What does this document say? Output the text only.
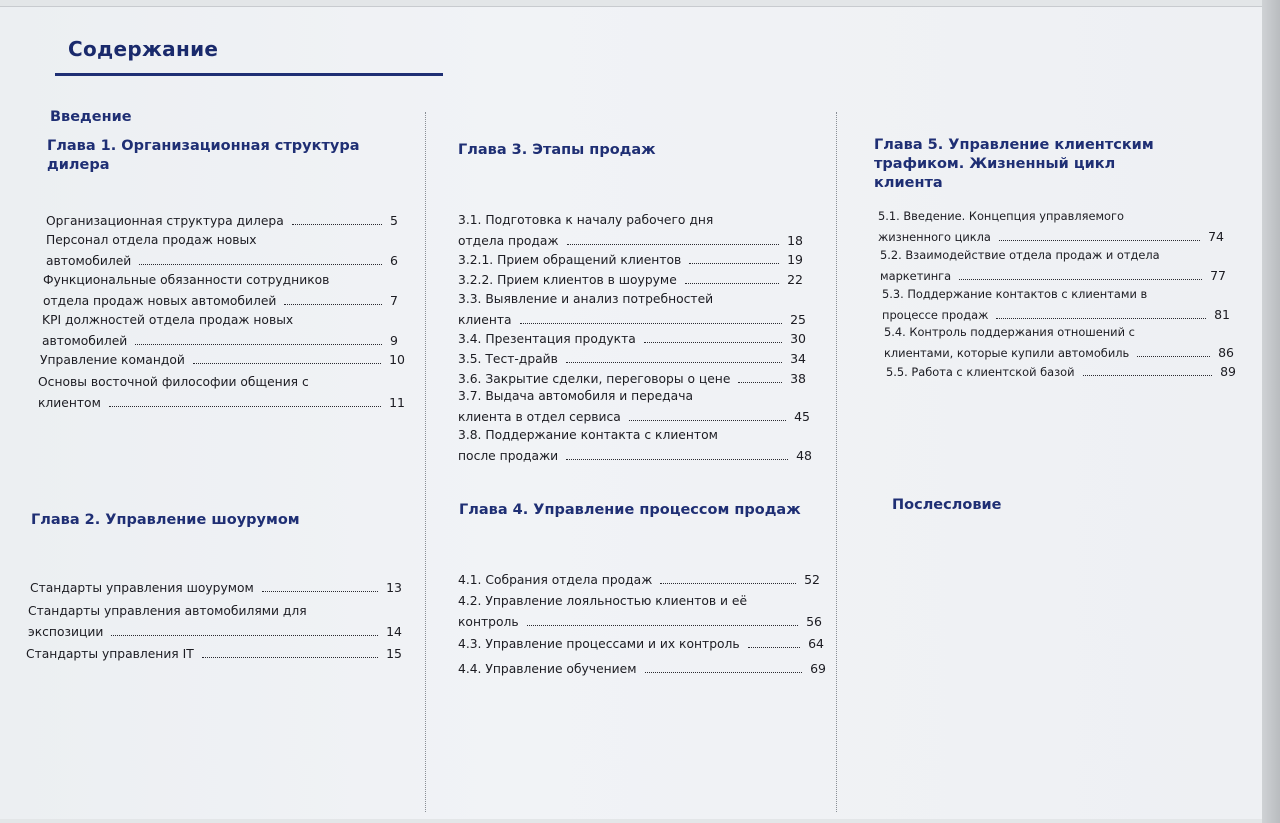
Содержание
Введение
Глава 1. Организационная структура дилера
Организационная структура дилера	5
Персонал отдела продаж новых
автомобилей	6
Функциональные обязанности сотрудников
отдела продаж новых автомобилей	7
KPI должностей отдела продаж новых
автомобилей	9
Управление командой	10
Основы восточной философии общения с
клиентом	11
Глава 2. Управление шоурумом
Стандарты управления шоурумом	13
Стандарты управления автомобилями для
экспозиции	14
Стандарты управления IT	15
Глава 3. Этапы продаж
3.1. Подготовка к началу рабочего дня
отдела продаж	18
3.2.1. Прием обращений клиентов	19
3.2.2. Прием клиентов в шоуруме	22
3.3. Выявление и анализ потребностей
клиента	25
3.4. Презентация продукта	30
3.5. Тест-драйв	34
3.6. Закрытие сделки, переговоры о цене	38
3.7. Выдача автомобиля и передача
клиента в отдел сервиса	45
3.8. Поддержание контакта с клиентом
после продажи	48
Глава 4. Управление процессом продаж
4.1. Собрания отдела продаж	52
4.2. Управление лояльностью клиентов и её
контроль	56
4.3. Управление процессами и их контроль	64
4.4. Управление обучением	69
Глава 5. Управление клиентским трафиком. Жизненный цикл клиента
5.1. Введение. Концепция управляемого
жизненного цикла	74
5.2. Взаимодействие отдела продаж и отдела
маркетинга	77
5.3. Поддержание контактов с клиентами в
процессе продаж	81
5.4. Контроль поддержания отношений с
клиентами, которые купили автомобиль	86
5.5. Работа с клиентской базой	89
Послесловие
